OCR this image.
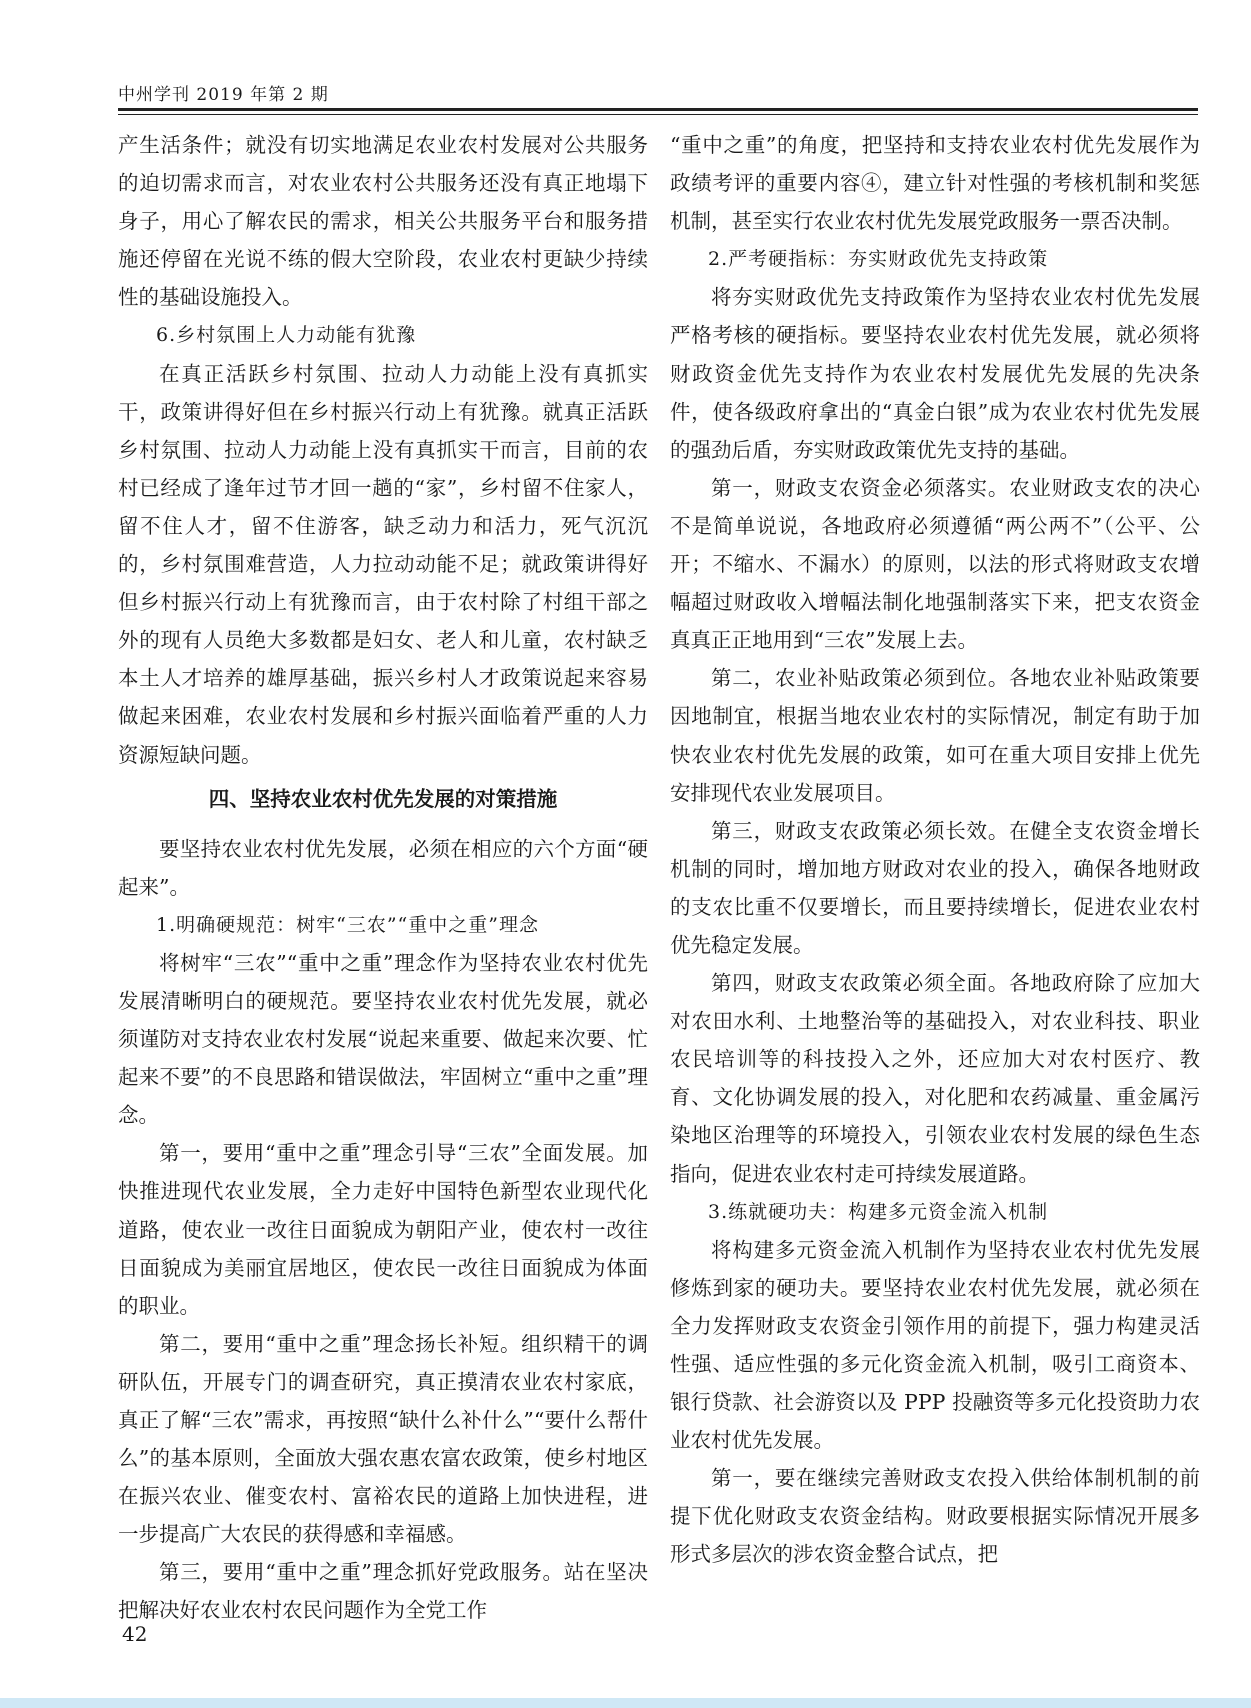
中州学刊 2019 年第 2 期

产生活条件；就没有切实地满足农业农村发展对公共服务的迫切需求而言，对农业农村公共服务还没有真正地塌下身子，用心了解农民的需求，相关公共服务平台和服务措施还停留在光说不练的假大空阶段，农业农村更缺少持续性的基础设施投入。

6.乡村氛围上人力动能有犹豫

在真正活跃乡村氛围、拉动人力动能上没有真抓实干，政策讲得好但在乡村振兴行动上有犹豫。就真正活跃乡村氛围、拉动人力动能上没有真抓实干而言，目前的农村已经成了逢年过节才回一趟的“家”，乡村留不住家人，留不住人才，留不住游客，缺乏动力和活力，死气沉沉的，乡村氛围难营造，人力拉动动能不足；就政策讲得好但乡村振兴行动上有犹豫而言，由于农村除了村组干部之外的现有人员绝大多数都是妇女、老人和儿童，农村缺乏本土人才培养的雄厚基础，振兴乡村人才政策说起来容易做起来困难，农业农村发展和乡村振兴面临着严重的人力资源短缺问题。

四、坚持农业农村优先发展的对策措施

要坚持农业农村优先发展，必须在相应的六个方面“硬起来”。

1.明确硬规范：树牢“三农”“重中之重”理念

将树牢“三农”“重中之重”理念作为坚持农业农村优先发展清晰明白的硬规范。要坚持农业农村优先发展，就必须谨防对支持农业农村发展“说起来重要、做起来次要、忙起来不要”的不良思路和错误做法，牢固树立“重中之重”理念。

第一，要用“重中之重”理念引导“三农”全面发展。加快推进现代农业发展，全力走好中国特色新型农业现代化道路，使农业一改往日面貌成为朝阳产业，使农村一改往日面貌成为美丽宜居地区，使农民一改往日面貌成为体面的职业。

第二，要用“重中之重”理念扬长补短。组织精干的调研队伍，开展专门的调查研究，真正摸清农业农村家底，真正了解“三农”需求，再按照“缺什么补什么”“要什么帮什么”的基本原则，全面放大强农惠农富农政策，使乡村地区在振兴农业、催变农村、富裕农民的道路上加快进程，进一步提高广大农民的获得感和幸福感。

第三，要用“重中之重”理念抓好党政服务。站在坚决把解决好农业农村农民问题作为全党工作

“重中之重”的角度，把坚持和支持农业农村优先发展作为政绩考评的重要内容④，建立针对性强的考核机制和奖惩机制，甚至实行农业农村优先发展党政服务一票否决制。

2.严考硬指标：夯实财政优先支持政策

将夯实财政优先支持政策作为坚持农业农村优先发展严格考核的硬指标。要坚持农业农村优先发展，就必须将财政资金优先支持作为农业农村发展优先发展的先决条件，使各级政府拿出的“真金白银”成为农业农村优先发展的强劲后盾，夯实财政政策优先支持的基础。

第一，财政支农资金必须落实。农业财政支农的决心不是简单说说，各地政府必须遵循“两公两不”（公平、公开；不缩水、不漏水）的原则，以法的形式将财政支农增幅超过财政收入增幅法制化地强制落实下来，把支农资金真真正正地用到“三农”发展上去。

第二，农业补贴政策必须到位。各地农业补贴政策要因地制宜，根据当地农业农村的实际情况，制定有助于加快农业农村优先发展的政策，如可在重大项目安排上优先安排现代农业发展项目。

第三，财政支农政策必须长效。在健全支农资金增长机制的同时，增加地方财政对农业的投入，确保各地财政的支农比重不仅要增长，而且要持续增长，促进农业农村优先稳定发展。

第四，财政支农政策必须全面。各地政府除了应加大对农田水利、土地整治等的基础投入，对农业科技、职业农民培训等的科技投入之外，还应加大对农村医疗、教育、文化协调发展的投入，对化肥和农药减量、重金属污染地区治理等的环境投入，引领农业农村发展的绿色生态指向，促进农业农村走可持续发展道路。

3.练就硬功夫：构建多元资金流入机制

将构建多元资金流入机制作为坚持农业农村优先发展修炼到家的硬功夫。要坚持农业农村优先发展，就必须在全力发挥财政支农资金引领作用的前提下，强力构建灵活性强、适应性强的多元化资金流入机制，吸引工商资本、银行贷款、社会游资以及 PPP 投融资等多元化投资助力农业农村优先发展。

第一，要在继续完善财政支农投入供给体制机制的前提下优化财政支农资金结构。财政要根据实际情况开展多形式多层次的涉农资金整合试点，把

42
